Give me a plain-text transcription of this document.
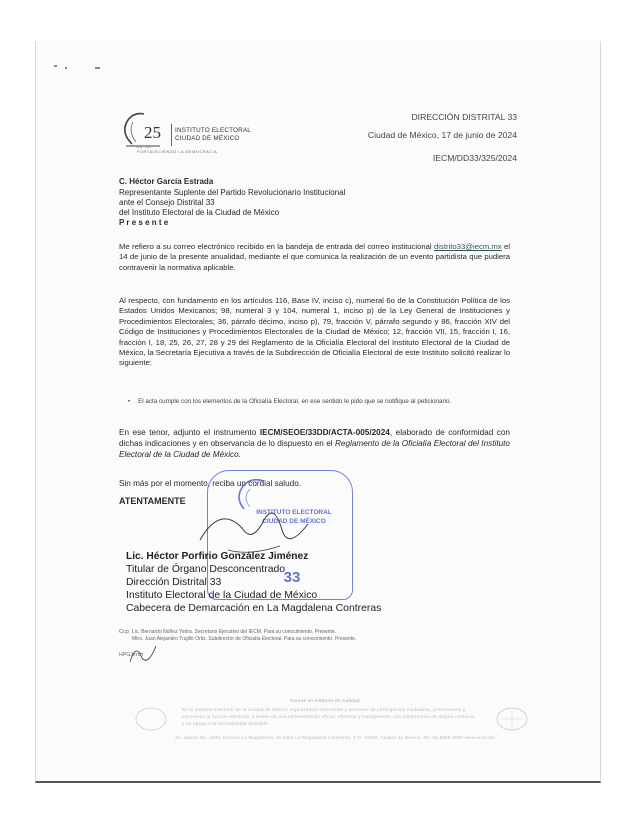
25 INSTITUTO ELECTORAL
CIUDAD DE MÉXICO
1999 · 2024
FORTALECIENDO LA DEMOCRACIA
DIRECCIÓN DISTRITAL 33
Ciudad de México, 17 de junio de 2024
IECM/DD33/325/2024
C. Héctor García Estrada
Representante Suplente del Partido Revolucionario Institucional
ante el Consejo Distrital 33
del Instituto Electoral de la Ciudad de México
P r e s e n t e
Me refiero a su correo electrónico recibido en la bandeja de entrada del correo institucional distrito33@iecm.mx el 14 de junio de la presente anualidad, mediante el que comunica la realización de un evento partidista que pudiera contravenir la normativa aplicable.
Al respecto, con fundamento en los artículos 116, Base IV, inciso c), numeral 6o de la Constitución Política de los Estados Unidos Mexicanos; 98, numeral 3 y 104, numeral 1, inciso p) de la Ley General de Instituciones y Procedimientos Electorales; 36, párrafo décimo, inciso p), 79, fracción V, párrafo segundo y 86, fracción XIV del Código de Instituciones y Procedimientos Electorales de la Ciudad de México; 12, fracción VII, 15, fracción I, 16, fracción I, 18, 25, 26, 27, 28 y 29 del Reglamento de la Oficialía Electoral del Instituto Electoral de la Ciudad de México, la Secretaría Ejecutiva a través de la Subdirección de Oficialía Electoral de este Instituto solicitó realizar lo siguiente:
• El acta cumple con los elementos de la Oficialía Electoral, en ese sentido le pido que se notifique al peticionario.
En ese tenor, adjunto el instrumento IECM/SEOE/33DD/ACTA-005/2024, elaborado de conformidad con dichas indicaciones y en observancia de lo dispuesto en el Reglamento de la Oficialía Electoral del Instituto Electoral de la Ciudad de México.
Sin más por el momento, reciba un cordial saludo.
ATENTAMENTE
INSTITUTO ELECTORAL
CIUDAD DE MÉXICO
33
Lic. Héctor Porfirio González Jiménez
Titular de Órgano Desconcentrado
Dirección Distrital 33
Instituto Electoral de la Ciudad de México
Cabecera de Demarcación en La Magdalena Contreras
Ccp Lic. Bernardo Núñez Yedra. Secretario Ejecutivo del IECM. Para su conocimiento. Presente.
Mtro. Juan Alejandro Trujillo Ortiz. Subdirector de Oficialía Electoral. Para su conocimiento. Presente.
HPGJ/rmh
Somos un Instituto de Calidad
En el Instituto Electoral de la Ciudad de México organizamos elecciones y procesos de participación ciudadana, promovemos y ejercemos la función electoral; a través de una administración eficaz, eficiente y transparente, con compromiso de mejora continua y en apego a la normatividad aplicable.
Av. Juárez No. 2000, Colonia La Magdalena, Alcaldía La Magdalena Contreras, C.P. 10000, Ciudad de México. Tel. 55 5555 0000 www.iecm.mx
